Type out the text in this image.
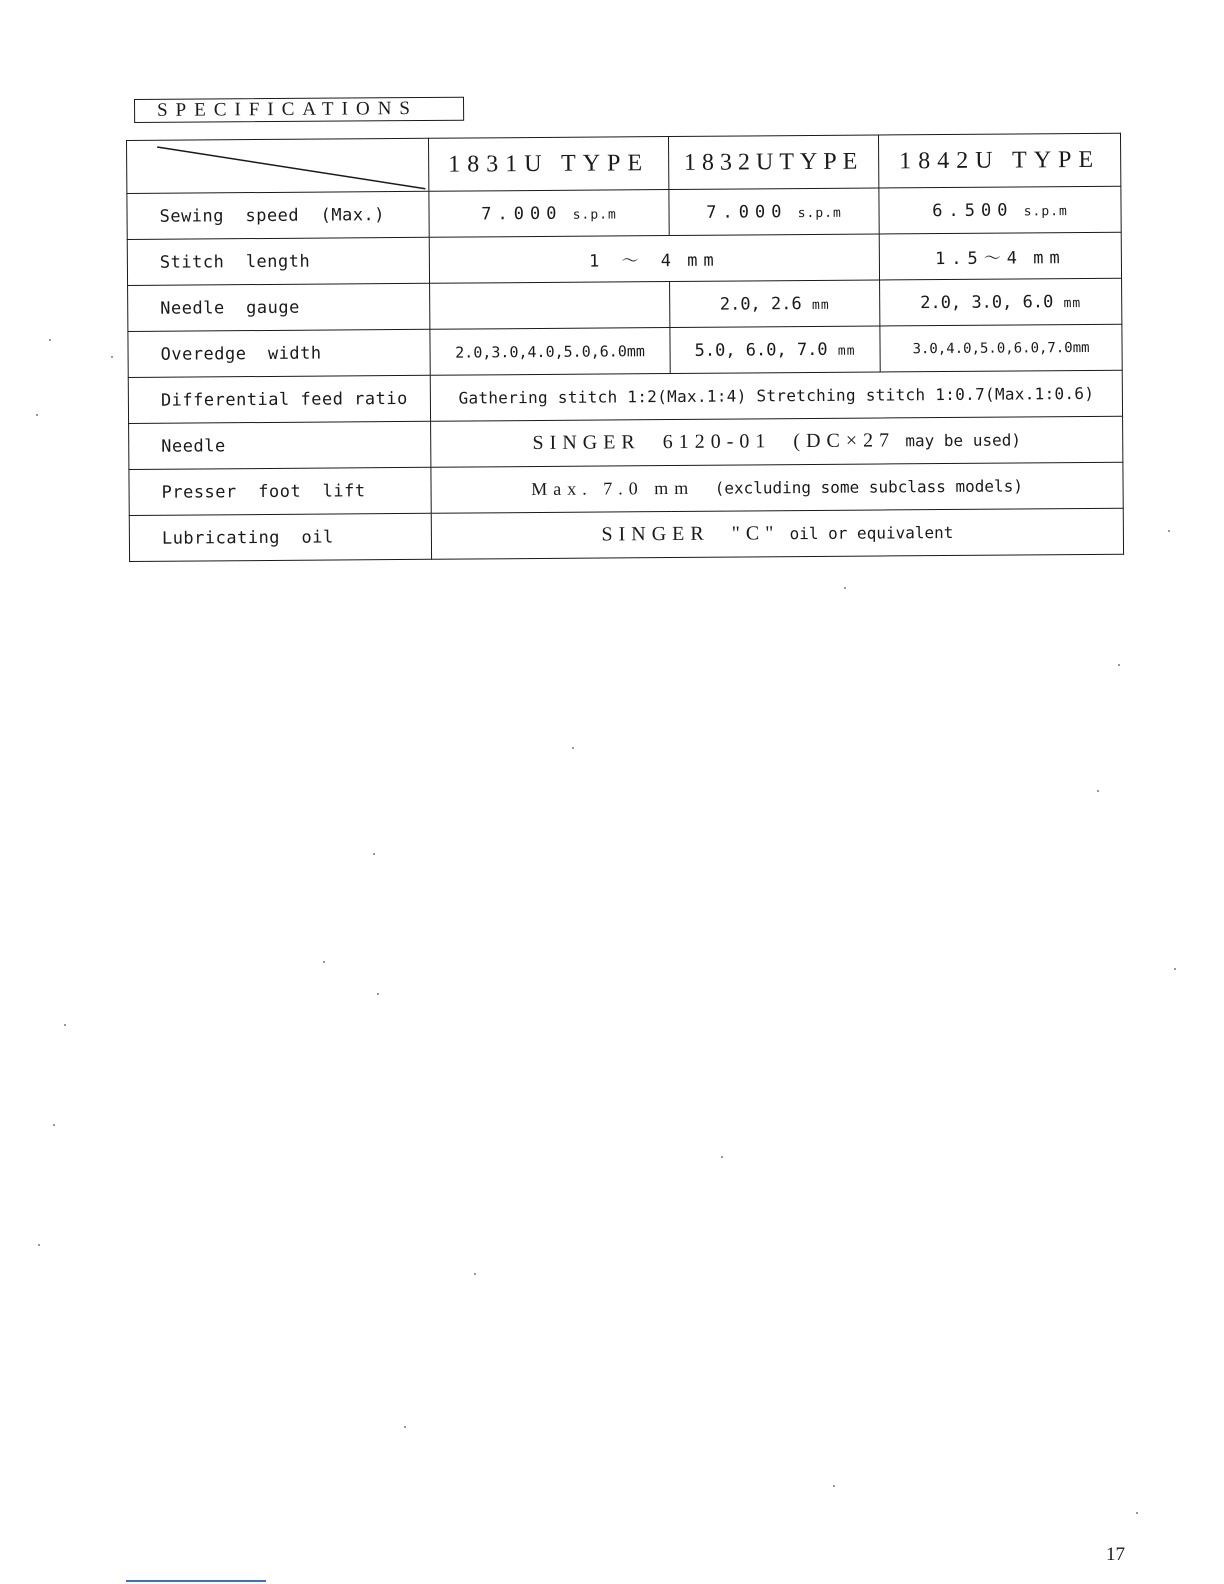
SPECIFICATIONS
	1831U TYPE	1832UTYPE	1842U TYPE
Sewing  speed  (Max.)	7.000 s.p.m	7.000 s.p.m	6.500 s.p.m
Stitch  length	1 ～ 4 mm		1.5～4 mm
Needle  gauge		2.0, 2.6 mm	2.0, 3.0, 6.0 mm
Overedge  width	2.0,3.0,4.0,5.0,6.0mm	5.0, 6.0, 7.0 mm	3.0,4.0,5.0,6.0,7.0mm
Differential feed ratio	Gathering stitch 1:2(Max.1:4) Stretching stitch 1:0.7(Max.1:0.6)		
Needle	SINGER  6120-01  (DC×27 may be used)		
Presser  foot  lift	Max. 7.0 mm (excluding some subclass models)		
Lubricating  oil	SINGER  "C" oil or equivalent		
17
